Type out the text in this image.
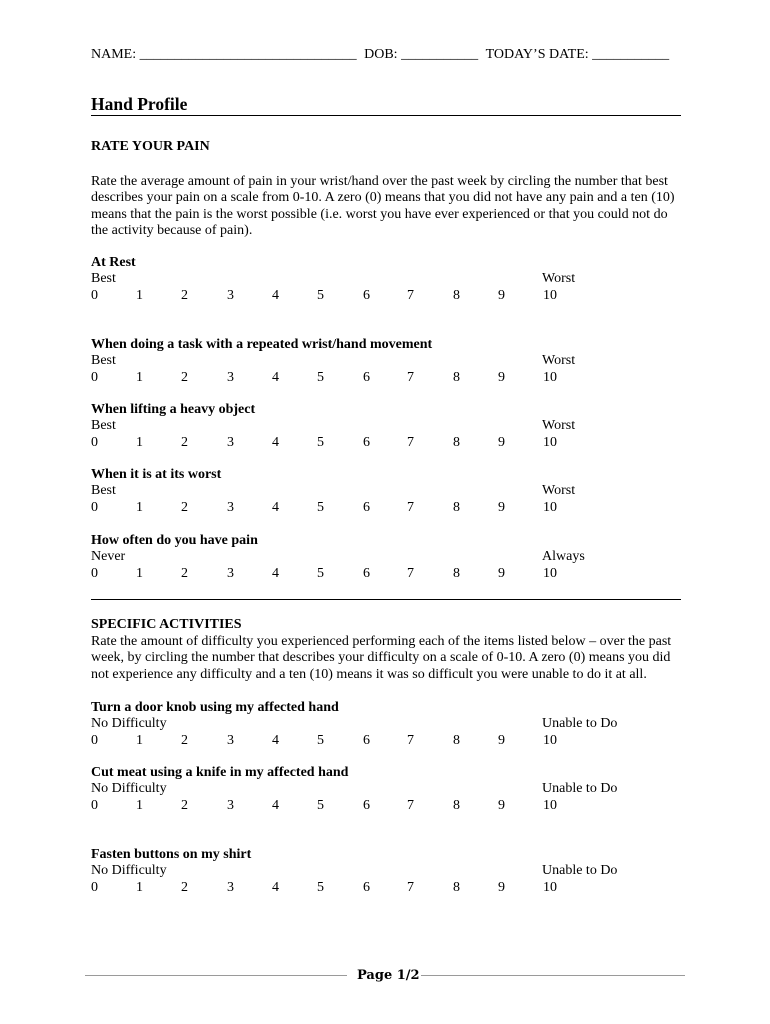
NAME: _______________________________ DOB: ___________ TODAY’S DATE: ___________
Hand Profile
RATE YOUR PAIN
Rate the average amount of pain in your wrist/hand over the past week by circling the number that best
describes your pain on a scale from 0-10. A zero (0) means that you did not have any pain and a ten (10)
means that the pain is the worst possible (i.e. worst you have ever experienced or that you could not do
the activity because of pain).
At Rest
Best	Worst
0	1	2	3	4	5	6	7	8	9	10
When doing a task with a repeated wrist/hand movement
Best	Worst
0	1	2	3	4	5	6	7	8	9	10
When lifting a heavy object
Best	Worst
0	1	2	3	4	5	6	7	8	9	10
When it is at its worst
Best	Worst
0	1	2	3	4	5	6	7	8	9	10
How often do you have pain
Never	Always
0	1	2	3	4	5	6	7	8	9	10
SPECIFIC ACTIVITIES
Rate the amount of difficulty you experienced performing each of the items listed below – over the past
week, by circling the number that describes your difficulty on a scale of 0-10. A zero (0) means you did
not experience any difficulty and a ten (10) means it was so difficult you were unable to do it at all.
Turn a door knob using my affected hand
No Difficulty	Unable to Do
0	1	2	3	4	5	6	7	8	9	10
Cut meat using a knife in my affected hand
No Difficulty	Unable to Do
0	1	2	3	4	5	6	7	8	9	10
Fasten buttons on my shirt
No Difficulty	Unable to Do
0	1	2	3	4	5	6	7	8	9	10
Page 1/2
